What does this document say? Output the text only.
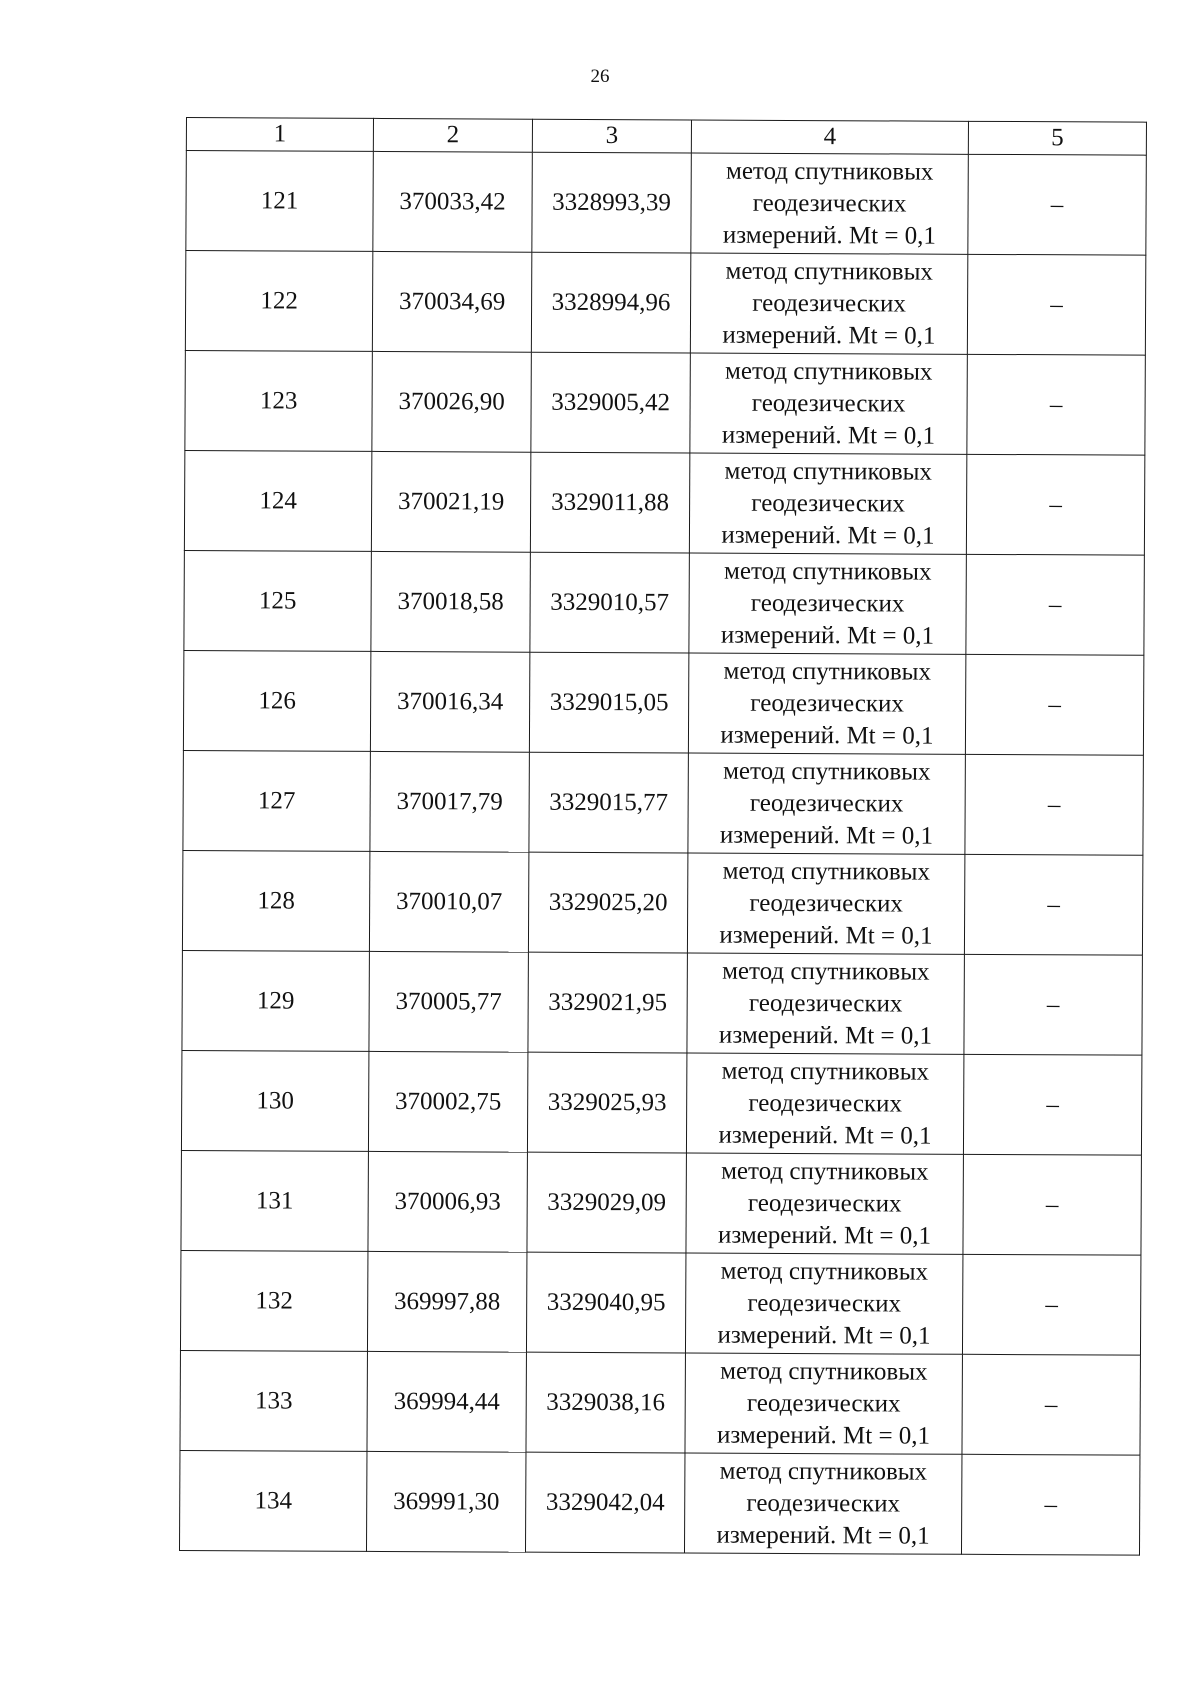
26
1	2	3	4	5
121	370033,42	3328993,39	метод спутниковых
геодезических
измерений. Mt = 0,1	–
122	370034,69	3328994,96	метод спутниковых
геодезических
измерений. Mt = 0,1	–
123	370026,90	3329005,42	метод спутниковых
геодезических
измерений. Mt = 0,1	–
124	370021,19	3329011,88	метод спутниковых
геодезических
измерений. Mt = 0,1	–
125	370018,58	3329010,57	метод спутниковых
геодезических
измерений. Mt = 0,1	–
126	370016,34	3329015,05	метод спутниковых
геодезических
измерений. Mt = 0,1	–
127	370017,79	3329015,77	метод спутниковых
геодезических
измерений. Mt = 0,1	–
128	370010,07	3329025,20	метод спутниковых
геодезических
измерений. Mt = 0,1	–
129	370005,77	3329021,95	метод спутниковых
геодезических
измерений. Mt = 0,1	–
130	370002,75	3329025,93	метод спутниковых
геодезических
измерений. Mt = 0,1	–
131	370006,93	3329029,09	метод спутниковых
геодезических
измерений. Mt = 0,1	–
132	369997,88	3329040,95	метод спутниковых
геодезических
измерений. Mt = 0,1	–
133	369994,44	3329038,16	метод спутниковых
геодезических
измерений. Mt = 0,1	–
134	369991,30	3329042,04	метод спутниковых
геодезических
измерений. Mt = 0,1	–
